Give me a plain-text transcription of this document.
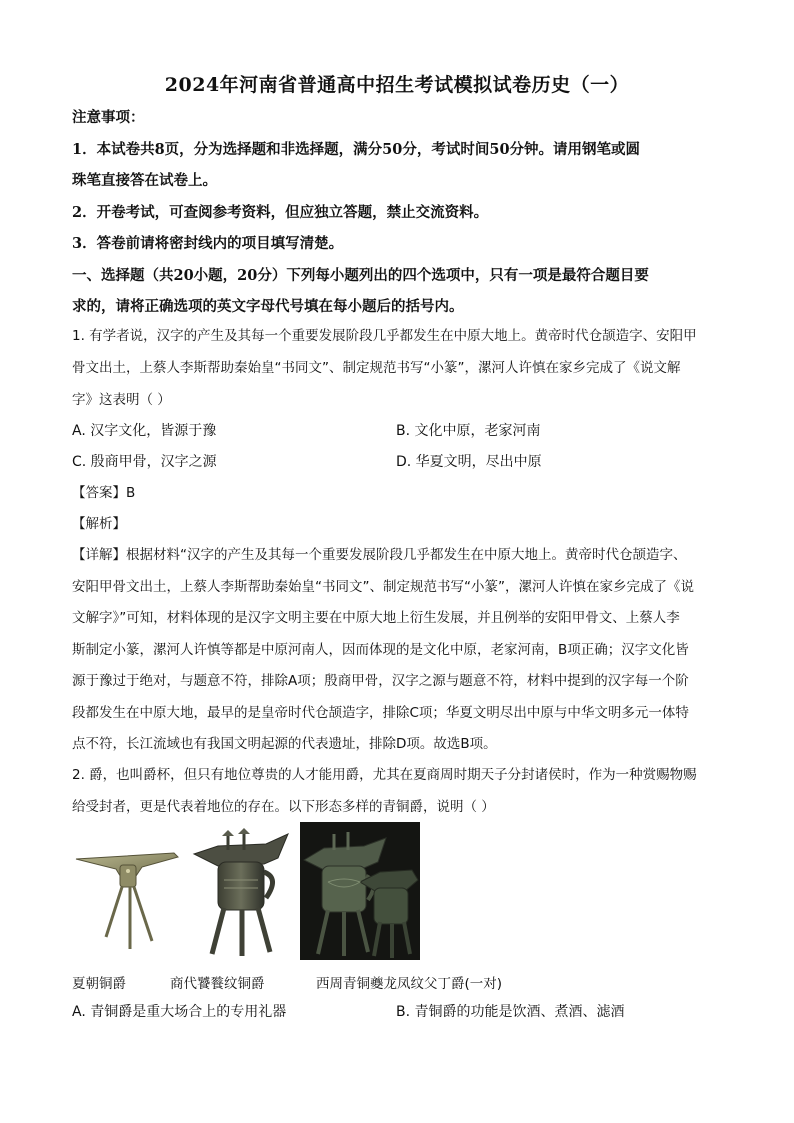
2024年河南省普通高中招生考试模拟试卷历史（一）
注意事项：
1．本试卷共8页，分为选择题和非选择题，满分50分，考试时间50分钟。请用钢笔或圆
珠笔直接答在试卷上。
2．开卷考试，可查阅参考资料，但应独立答题，禁止交流资料。
3．答卷前请将密封线内的项目填写清楚。
一、选择题（共20小题，20分）下列每小题列出的四个选项中，只有一项是最符合题目要
求的，请将正确选项的英文字母代号填在每小题后的括号内。
1. 有学者说，汉字的产生及其每一个重要发展阶段几乎都发生在中原大地上。黄帝时代仓颉造字、安阳甲
骨文出土，上蔡人李斯帮助秦始皇“书同文”、制定规范书写“小篆”，漯河人许慎在家乡完成了《说文解
字》这表明（ ）
A. 汉字文化，皆源于豫	B. 文化中原，老家河南
C. 殷商甲骨，汉字之源	D. 华夏文明，尽出中原
【答案】B
【解析】
【详解】根据材料“汉字的产生及其每一个重要发展阶段几乎都发生在中原大地上。黄帝时代仓颉造字、
安阳甲骨文出土，上蔡人李斯帮助秦始皇“书同文”、制定规范书写“小篆”，漯河人许慎在家乡完成了《说
文解字》”可知，材料体现的是汉字文明主要在中原大地上衍生发展，并且例举的安阳甲骨文、上蔡人李
斯制定小篆，漯河人许慎等都是中原河南人，因而体现的是文化中原，老家河南，B项正确；汉字文化皆
源于豫过于绝对，与题意不符，排除A项；殷商甲骨，汉字之源与题意不符，材料中提到的汉字每一个阶
段都发生在中原大地，最早的是皇帝时代仓颉造字，排除C项；华夏文明尽出中原与中华文明多元一体特
点不符，长江流域也有我国文明起源的代表遗址，排除D项。故选B项。
2. 爵，也叫爵杯，但只有地位尊贵的人才能用爵，尤其在夏商周时期天子分封诸侯时，作为一种赏赐物赐
给受封者，更是代表着地位的存在。以下形态多样的青铜爵，说明（ ）
夏朝铜爵	商代饕餮纹铜爵	西周青铜夔龙凤纹父丁爵(一对)
A. 青铜爵是重大场合上的专用礼器	B. 青铜爵的功能是饮酒、煮酒、滤酒
